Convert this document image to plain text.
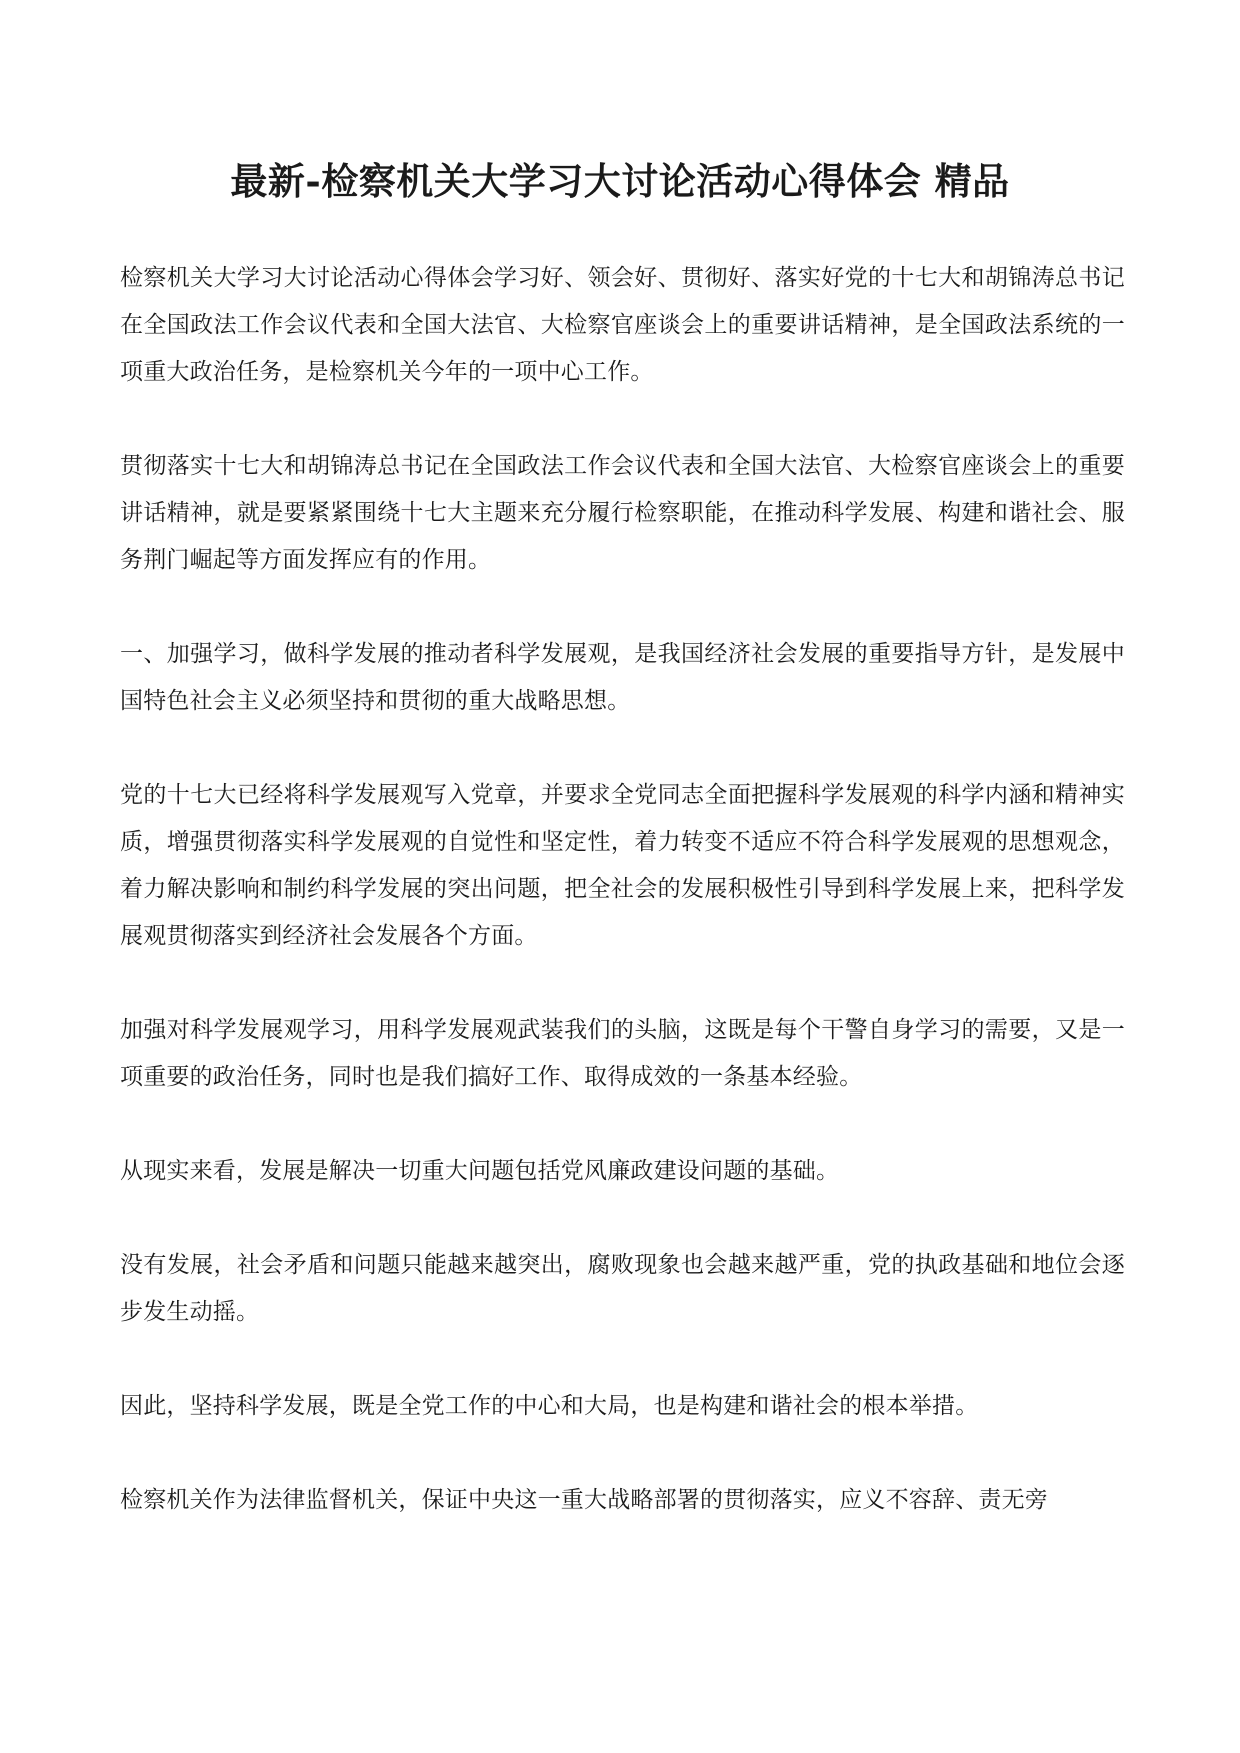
最新-检察机关大学习大讨论活动心得体会 精品

检察机关大学习大讨论活动心得体会学习好、领会好、贯彻好、落实好党的十七大和胡锦涛总书记在全国政法工作会议代表和全国大法官、大检察官座谈会上的重要讲话精神，是全国政法系统的一项重大政治任务，是检察机关今年的一项中心工作。

贯彻落实十七大和胡锦涛总书记在全国政法工作会议代表和全国大法官、大检察官座谈会上的重要讲话精神，就是要紧紧围绕十七大主题来充分履行检察职能，在推动科学发展、构建和谐社会、服务荆门崛起等方面发挥应有的作用。

一、加强学习，做科学发展的推动者科学发展观，是我国经济社会发展的重要指导方针，是发展中国特色社会主义必须坚持和贯彻的重大战略思想。

党的十七大已经将科学发展观写入党章，并要求全党同志全面把握科学发展观的科学内涵和精神实质，增强贯彻落实科学发展观的自觉性和坚定性，着力转变不适应不符合科学发展观的思想观念，着力解决影响和制约科学发展的突出问题，把全社会的发展积极性引导到科学发展上来，把科学发展观贯彻落实到经济社会发展各个方面。

加强对科学发展观学习，用科学发展观武装我们的头脑，这既是每个干警自身学习的需要，又是一项重要的政治任务，同时也是我们搞好工作、取得成效的一条基本经验。

从现实来看，发展是解决一切重大问题包括党风廉政建设问题的基础。

没有发展，社会矛盾和问题只能越来越突出，腐败现象也会越来越严重，党的执政基础和地位会逐步发生动摇。

因此，坚持科学发展，既是全党工作的中心和大局，也是构建和谐社会的根本举措。

检察机关作为法律监督机关，保证中央这一重大战略部署的贯彻落实，应义不容辞、责无旁
